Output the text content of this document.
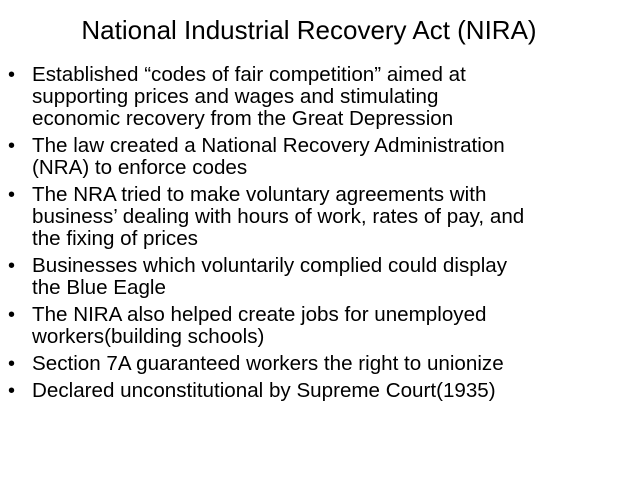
National Industrial Recovery Act (NIRA)
• Established “codes of fair competition” aimed at
supporting prices and wages and stimulating
economic recovery from the Great Depression
• The law created a National Recovery Administration
(NRA) to enforce codes
• The NRA tried to make voluntary agreements with
business’ dealing with hours of work, rates of pay, and
the fixing of prices
• Businesses which voluntarily complied could display
the Blue Eagle
• The NIRA also helped create jobs for unemployed
workers(building schools)
• Section 7A guaranteed workers the right to unionize
• Declared unconstitutional by Supreme Court(1935)
